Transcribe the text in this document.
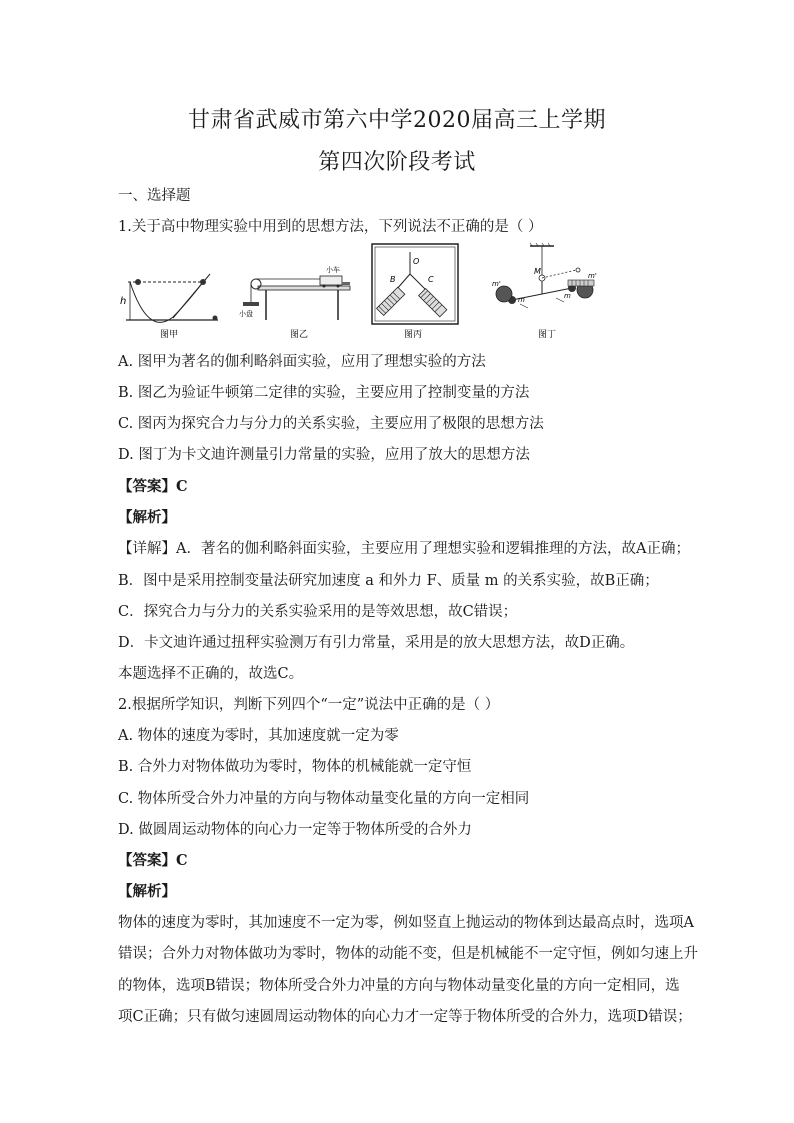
甘肃省武威市第六中学2020届高三上学期
第四次阶段考试
一、选择题
1.关于高中物理实验中用到的思想方法，下列说法不正确的是（ ）
h
图甲
小车
小盘
图乙
O
B	C
图丙
M
m'
m'
m	m
图丁
A. 图甲为著名的伽利略斜面实验，应用了理想实验的方法
B. 图乙为验证牛顿第二定律的实验，主要应用了控制变量的方法
C. 图丙为探究合力与分力的关系实验，主要应用了极限的思想方法
D. 图丁为卡文迪许测量引力常量的实验，应用了放大的思想方法
【答案】C
【解析】
【详解】A．著名的伽利略斜面实验，主要应用了理想实验和逻辑推理的方法，故A正确；
B．图中是采用控制变量法研究加速度 a 和外力 F、质量 m 的关系实验，故B正确；
C．探究合力与分力的关系实验采用的是等效思想，故C错误；
D．卡文迪许通过扭秤实验测万有引力常量，采用是的放大思想方法，故D正确。
本题选择不正确的，故选C。
2.根据所学知识，判断下列四个“一定”说法中正确的是（ ）
A. 物体的速度为零时，其加速度就一定为零
B. 合外力对物体做功为零时，物体的机械能就一定守恒
C. 物体所受合外力冲量的方向与物体动量变化量的方向一定相同
D. 做圆周运动物体的向心力一定等于物体所受的合外力
【答案】C
【解析】
物体的速度为零时，其加速度不一定为零，例如竖直上抛运动的物体到达最高点时，选项A
错误；合外力对物体做功为零时，物体的动能不变，但是机械能不一定守恒，例如匀速上升
的物体，选项B错误；物体所受合外力冲量的方向与物体动量变化量的方向一定相同，选
项C正确；只有做匀速圆周运动物体的向心力才一定等于物体所受的合外力，选项D错误；
